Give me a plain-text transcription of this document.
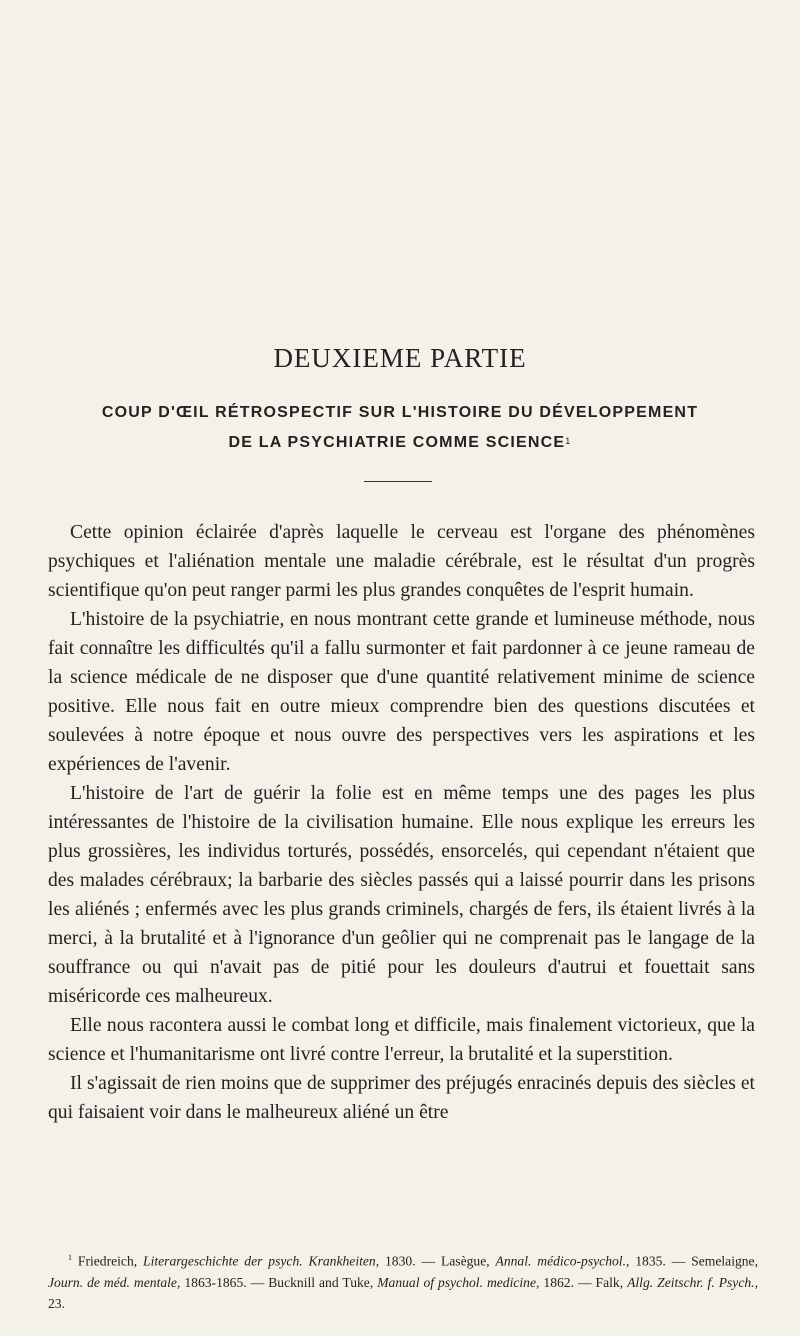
DEUXIEME PARTIE
COUP D'ŒIL RÉTROSPECTIF SUR L'HISTOIRE DU DÉVELOPPEMENT
DE LA PSYCHIATRIE COMME SCIENCE$^1$

Cette opinion éclairée d'après laquelle le cerveau est l'organe des phénomènes psychiques et l'aliénation mentale une maladie cérébrale, est le résultat d'un progrès scientifique qu'on peut ranger parmi les plus grandes conquêtes de l'esprit humain.

L'histoire de la psychiatrie, en nous montrant cette grande et lumineuse méthode, nous fait connaître les difficultés qu'il a fallu surmonter et fait pardonner à ce jeune rameau de la science médicale de ne disposer que d'une quantité relativement minime de science positive. Elle nous fait en outre mieux comprendre bien des questions discutées et soulevées à notre époque et nous ouvre des perspectives vers les aspirations et les expériences de l'avenir.

L'histoire de l'art de guérir la folie est en même temps une des pages les plus intéressantes de l'histoire de la civilisation humaine. Elle nous explique les erreurs les plus grossières, les individus torturés, possédés, ensorcelés, qui cependant n'étaient que des malades cérébraux; la barbarie des siècles passés qui a laissé pourrir dans les prisons les aliénés ; enfermés avec les plus grands criminels, chargés de fers, ils étaient livrés à la merci, à la brutalité et à l'ignorance d'un geôlier qui ne comprenait pas le langage de la souffrance ou qui n'avait pas de pitié pour les douleurs d'autrui et fouettait sans miséricorde ces malheureux.

Elle nous racontera aussi le combat long et difficile, mais finalement victorieux, que la science et l'humanitarisme ont livré contre l'erreur, la brutalité et la superstition.

Il s'agissait de rien moins que de supprimer des préjugés enracinés depuis des siècles et qui faisaient voir dans le malheureux aliéné un être

$^1$ Friedreich, Literargeschichte der psych. Krankheiten, 1830. — Lasègue, Annal. médico-psychol., 1835. — Semelaigne, Journ. de méd. mentale, 1863-1865. — Bucknill and Tuke, Manual of psychol. medicine, 1862. — Falk, Allg. Zeitschr. f. Psych., 23.
